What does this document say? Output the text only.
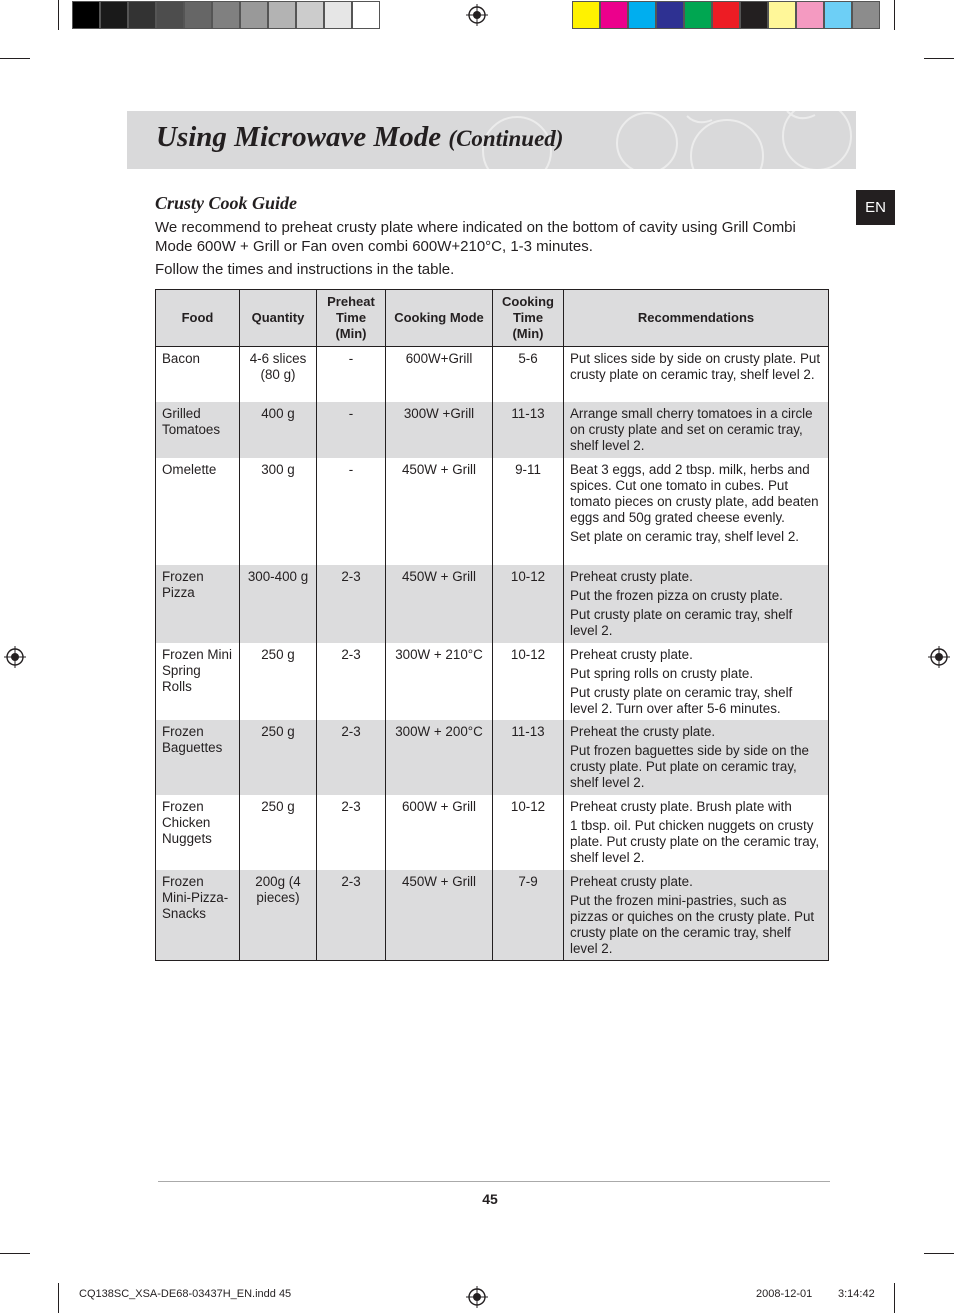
Using Microwave Mode (Continued)
EN
Crusty Cook Guide
We recommend to preheat crusty plate where indicated on the bottom of cavity using Grill Combi Mode 600W + Grill or Fan oven combi 600W+210°C, 1-3 minutes.
Follow the times and instructions in the table.
Food	Quantity	Preheat Time (Min)	Cooking Mode	Cooking Time (Min)	Recommendations
Bacon	4-6 slices (80 g)	-	600W+Grill	5-6	Put slices side by side on crusty plate. Put crusty plate on ceramic tray, shelf level 2.

Grilled Tomatoes	400 g	-	300W +Grill	11-13	Arrange small cherry tomatoes in a circle on crusty plate and set on ceramic tray, shelf level 2.

Omelette	300 g	-	450W + Grill	9-11	Beat 3 eggs, add 2 tbsp. milk, herbs and spices. Cut one tomato in cubes. Put tomato pieces on crusty plate, add beaten eggs and 50g grated cheese evenly.
Set plate on ceramic tray, shelf level 2.

Frozen Pizza	300-400 g	2-3	450W + Grill	10-12	Preheat crusty plate.
Put the frozen pizza on crusty plate.
Put crusty plate on ceramic tray, shelf level 2.

Frozen Mini Spring Rolls	250 g	2-3	300W + 210°C	10-12	Preheat crusty plate.
Put spring rolls on crusty plate.
Put crusty plate on ceramic tray, shelf level 2. Turn over after 5-6 minutes.

Frozen Baguettes	250 g	2-3	300W + 200°C	11-13	Preheat the crusty plate.
Put frozen baguettes side by side on the crusty plate. Put plate on ceramic tray, shelf level 2.

Frozen Chicken Nuggets	250 g	2-3	600W + Grill	10-12	Preheat crusty plate. Brush plate with
1 tbsp. oil. Put chicken nuggets on crusty plate. Put crusty plate on the ceramic tray, shelf level 2.

Frozen Mini-Pizza-Snacks	200g (4 pieces)	2-3	450W + Grill	7-9	Preheat crusty plate.
Put the frozen mini-pastries, such as pizzas or quiches on the crusty plate. Put crusty plate on the ceramic tray, shelf level 2.
45
CQ138SC_XSA-DE68-03437H_EN.indd 45	2008-12-01 3:14:42
